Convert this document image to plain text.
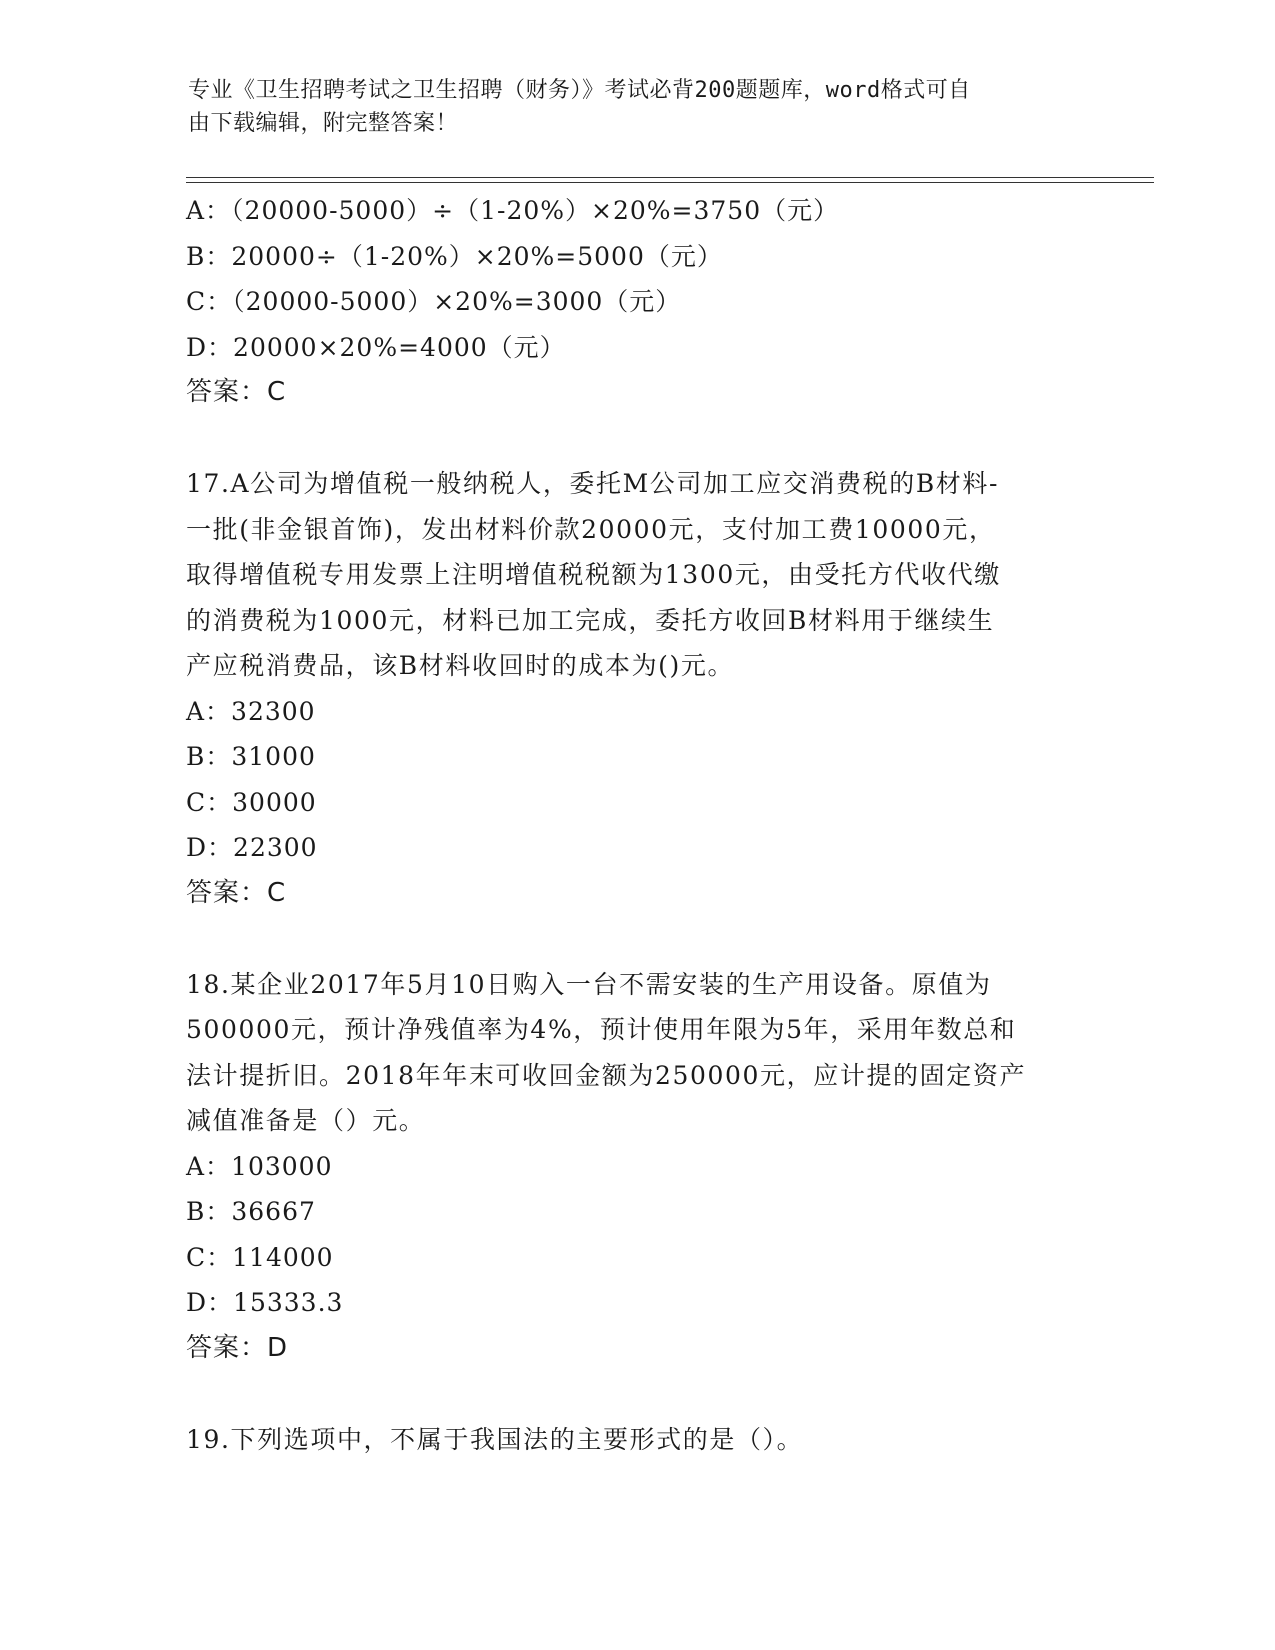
专业《卫生招聘考试之卫生招聘（财务）》考试必背200题题库，word格式可自
由下载编辑，附完整答案！
A：（20000-5000）÷（1-20%）×20%=3750（元）
B：20000÷（1-20%）×20%=5000（元）
C：（20000-5000）×20%=3000（元）
D：20000×20%=4000（元）
答案：C
17.A公司为增值税一般纳税人，委托M公司加工应交消费税的B材料-
一批(非金银首饰)，发出材料价款20000元，支付加工费10000元，
取得增值税专用发票上注明增值税税额为1300元，由受托方代收代缴
的消费税为1000元，材料已加工完成，委托方收回B材料用于继续生
产应税消费品，该B材料收回时的成本为()元。
A：32300
B：31000
C：30000
D：22300
答案：C
18.某企业2017年5月10日购入一台不需安装的生产用设备。原值为
500000元，预计净残值率为4%，预计使用年限为5年，采用年数总和
法计提折旧。2018年年末可收回金额为250000元，应计提的固定资产
减值准备是（）元。
A：103000
B：36667
C：114000
D：15333.3
答案：D
19.下列选项中，不属于我国法的主要形式的是（）。
